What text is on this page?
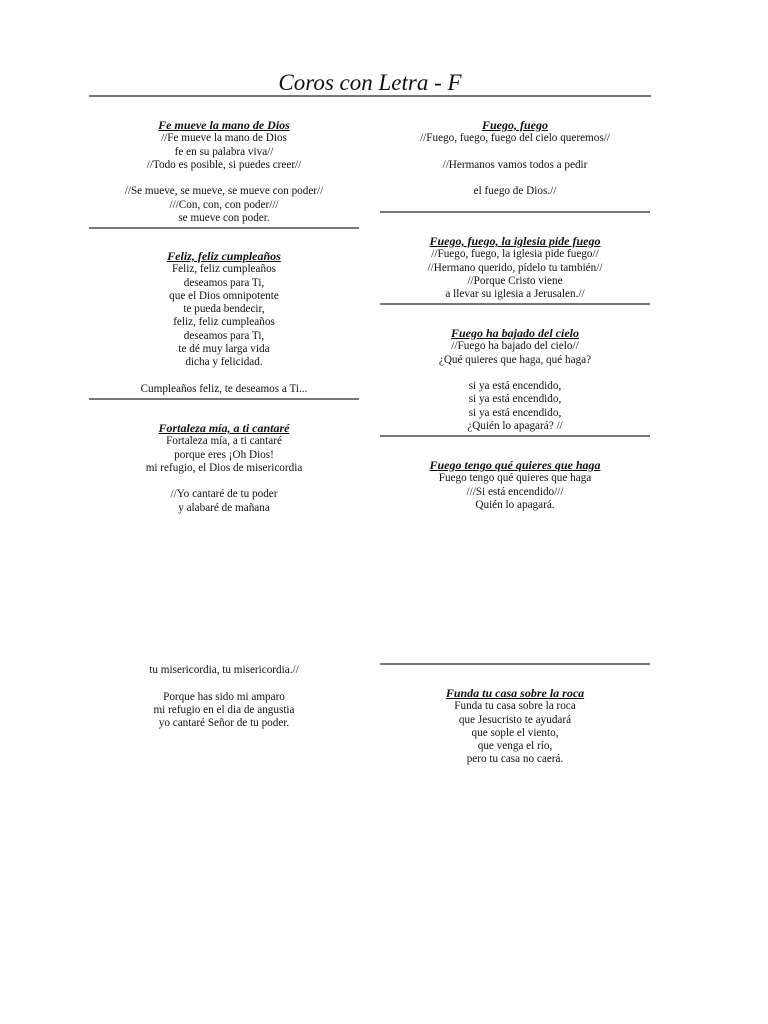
Coros con Letra - F
Fe mueve la mano de Dios
//Fe mueve la mano de Dios
fe en su palabra viva//
//Todo es posible, si puedes creer//
//Se mueve, se mueve, se mueve con poder//
///Con, con, con poder///
se mueve con poder.
Feliz, feliz cumpleaños
Feliz, feliz cumpleaños
deseamos para Ti,
que el Dios omnipotente
te pueda bendecir,
feliz, feliz cumpleaños
deseamos para Ti,
te dé muy larga vida
dicha y felicidad.
Cumpleaños feliz, te deseamos a Ti...
Fortaleza mía, a ti cantaré
Fortaleza mía, a ti cantaré
porque eres ¡Oh Dios!
mi refugio, el Dios de misericordia
//Yo cantaré de tu poder
y alabaré de mañana
tu misericordia, tu misericordia.//
Porque has sido mi amparo
mi refugio en el dia de angustia
yo cantaré Señor de tu poder.
Fuego, fuego
//Fuego, fuego, fuego del cielo queremos//
//Hermanos vamos todos a pedir
el fuego de Dios.//
Fuego, fuego, la iglesia pide fuego
//Fuego, fuego, la iglesia pide fuego//
//Hermano querido, pídelo tu también//
//Porque Cristo viene
a llevar su iglesia a Jerusalen.//
Fuego ha bajado del cielo
//Fuego ha bajado del cielo//
¿Qué quieres que haga, qué haga?
si ya está encendido,
si ya está encendido,
si ya está encendido,
¿Quién lo apagará? //
Fuego tengo qué quieres que haga
Fuego tengo qué quieres que haga
///Si está encendido///
Quién lo apagará.
Funda tu casa sobre la roca
Funda tu casa sobre la roca
que Jesucristo te ayudará
que sople el viento,
que venga el río,
pero tu casa no caerá.
